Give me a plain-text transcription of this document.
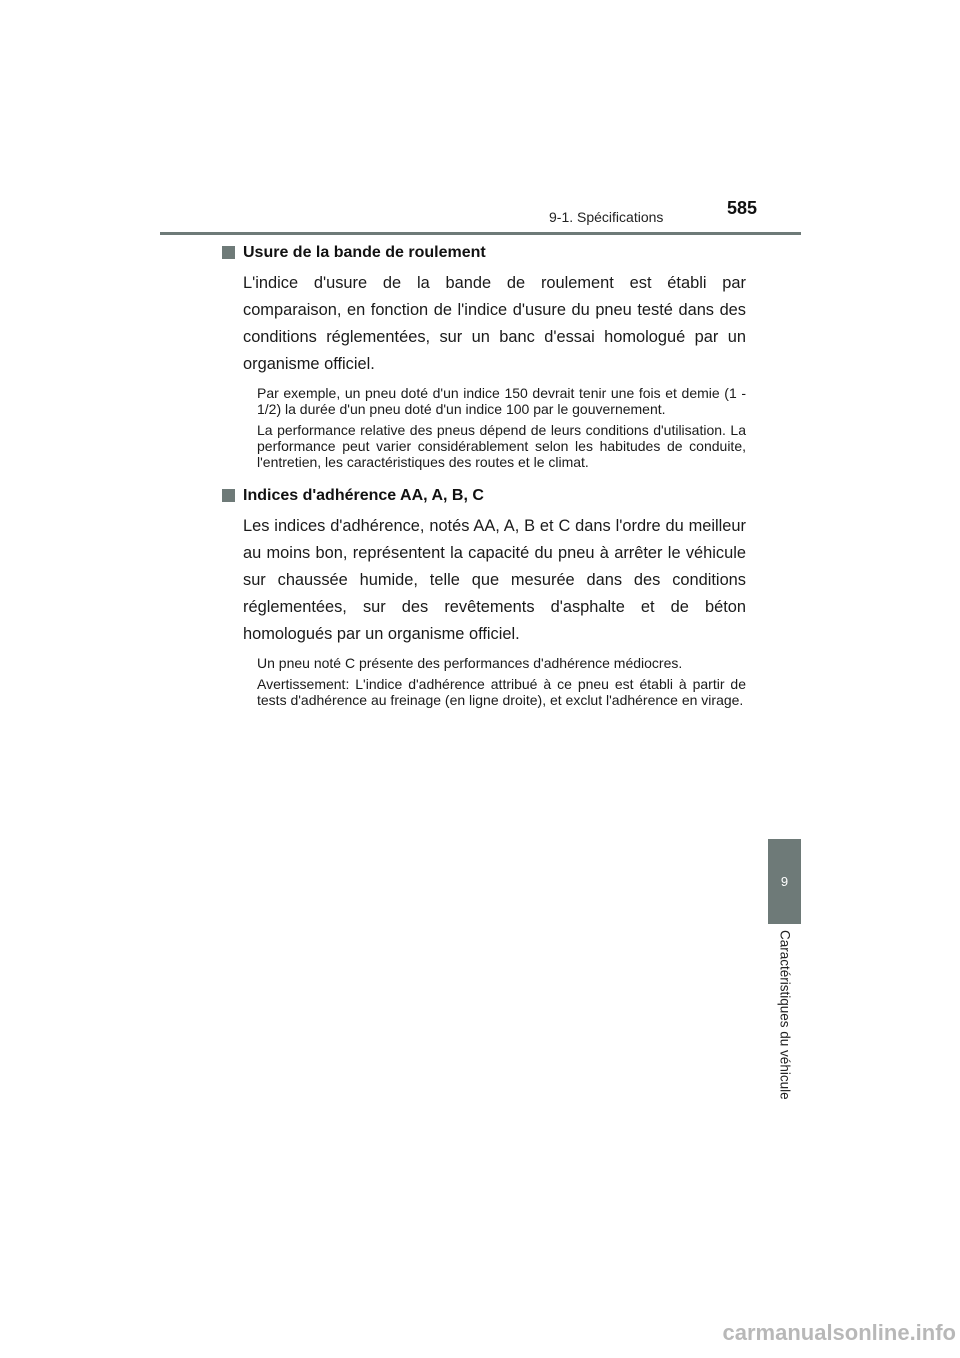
9-1. Spécifications	585
Usure de la bande de roulement

L'indice d'usure de la bande de roulement est établi par comparaison, en fonction de l'indice d'usure du pneu testé dans des conditions réglementées, sur un banc d'essai homologué par un organisme officiel.

Par exemple, un pneu doté d'un indice 150 devrait tenir une fois et demie (1 - 1/2) la durée d'un pneu doté d'un indice 100 par le gouvernement.

La performance relative des pneus dépend de leurs conditions d'utilisation. La performance peut varier considérablement selon les habitudes de conduite, l'entretien, les caractéristiques des routes et le climat.

Indices d'adhérence AA, A, B, C

Les indices d'adhérence, notés AA, A, B et C dans l'ordre du meilleur au moins bon, représentent la capacité du pneu à arrêter le véhicule sur chaussée humide, telle que mesurée dans des conditions réglementées, sur des revêtements d'asphalte et de béton homologués par un organisme officiel.

Un pneu noté C présente des performances d'adhérence médiocres.

Avertissement: L'indice d'adhérence attribué à ce pneu est établi à partir de tests d'adhérence au freinage (en ligne droite), et exclut l'adhérence en virage.

9
Caractéristiques du véhicule
carmanualsonline.info
